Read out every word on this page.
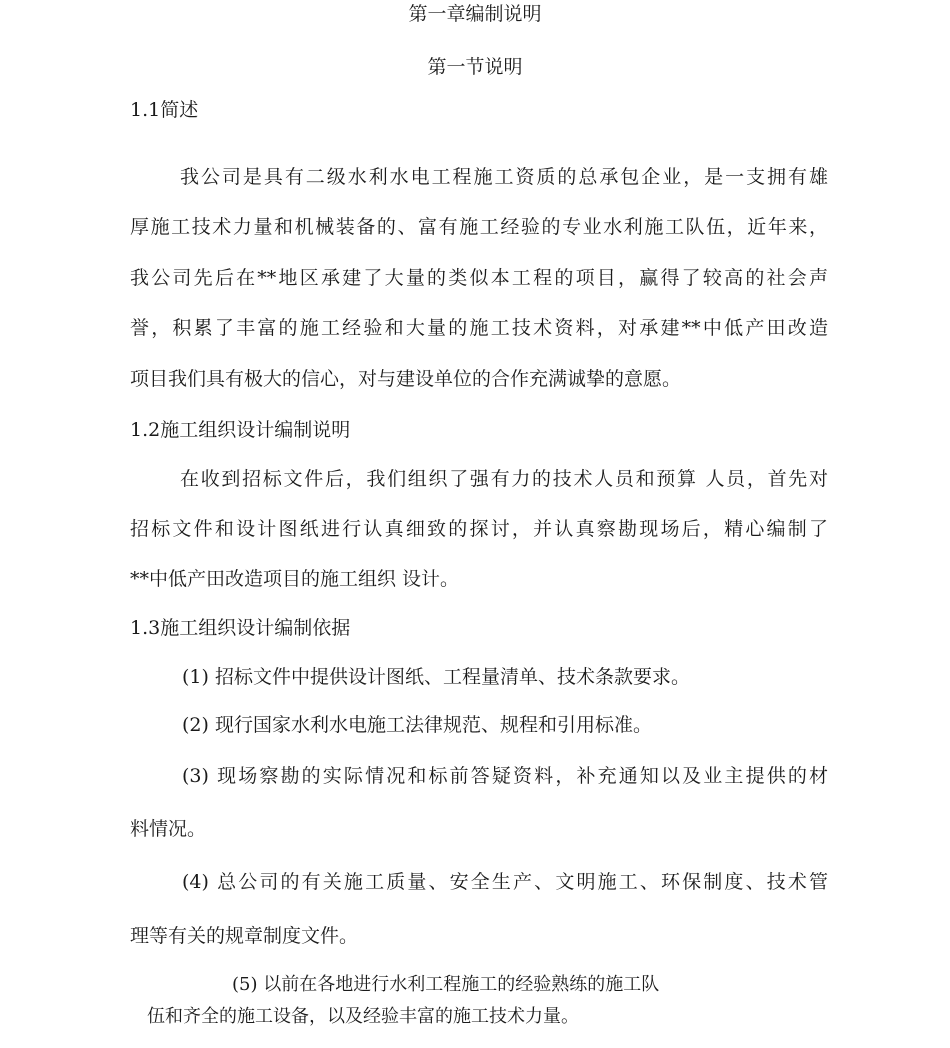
第一章编制说明
第一节说明
1.1简述
我公司是具有二级水利水电工程施工资质的总承包企业，是一支拥有雄
厚施工技术力量和机械装备的、富有施工经验的专业水利施工队伍，近年来，
我公司先后在**地区承建了大量的类似本工程的项目，赢得了较高的社会声
誉，积累了丰富的施工经验和大量的施工技术资料，对承建**中低产田改造
项目我们具有极大的信心，对与建设单位的合作充满诚挚的意愿。
1.2施工组织设计编制说明
在收到招标文件后，我们组织了强有力的技术人员和预算 人员，首先对
招标文件和设计图纸进行认真细致的探讨，并认真察勘现场后，精心编制了
**中低产田改造项目的施工组织 设计。
1.3施工组织设计编制依据
(1) 招标文件中提供设计图纸、工程量清单、技术条款要求。
(2) 现行国家水利水电施工法律规范、规程和引用标准。
(3) 现场察勘的实际情况和标前答疑资料，补充通知以及业主提供的材
料情况。
(4) 总公司的有关施工质量、安全生产、文明施工、环保制度、技术管
理等有关的规章制度文件。
(5) 以前在各地进行水利工程施工的经验熟练的施工队
伍和齐全的施工设备，以及经验丰富的施工技术力量。
